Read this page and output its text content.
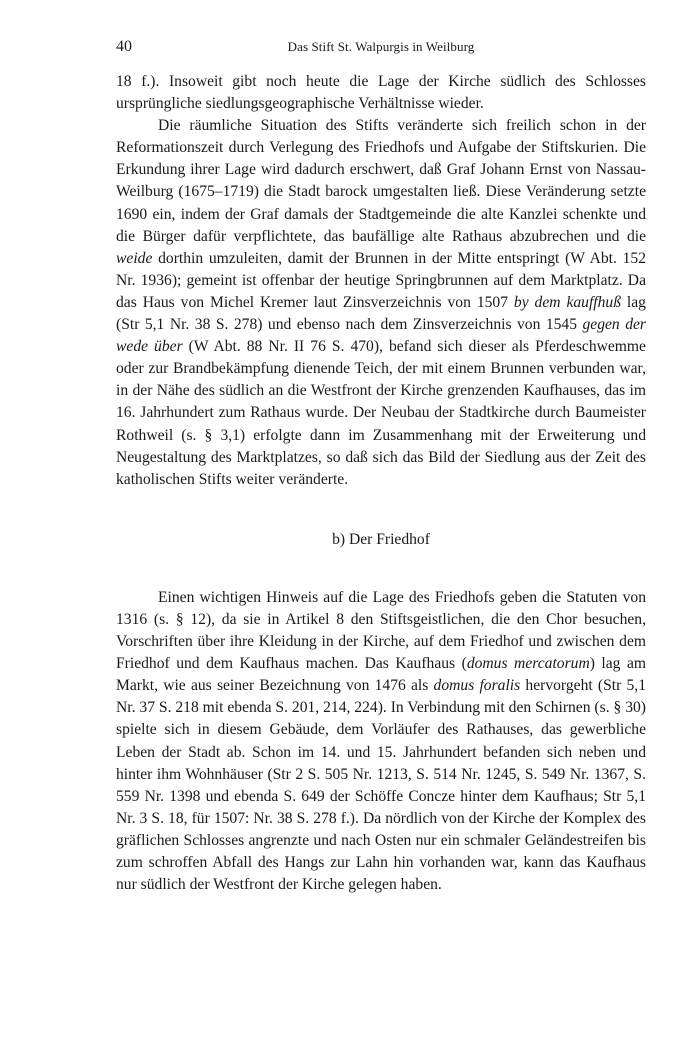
40	Das Stift St. Walpurgis in Weilburg

18 f.). Insoweit gibt noch heute die Lage der Kirche südlich des Schlosses ursprüngliche siedlungsgeographische Verhältnisse wieder.

Die räumliche Situation des Stifts veränderte sich freilich schon in der Reformationszeit durch Verlegung des Friedhofs und Aufgabe der Stiftskurien. Die Erkundung ihrer Lage wird dadurch erschwert, daß Graf Johann Ernst von Nassau-Weilburg (1675–1719) die Stadt barock umgestalten ließ. Diese Veränderung setzte 1690 ein, indem der Graf damals der Stadtgemeinde die alte Kanzlei schenkte und die Bürger dafür verpflichtete, das baufällige alte Rathaus abzubrechen und die weide dorthin umzuleiten, damit der Brunnen in der Mitte entspringt (W Abt. 152 Nr. 1936); gemeint ist offenbar der heutige Springbrunnen auf dem Marktplatz. Da das Haus von Michel Kremer laut Zinsverzeichnis von 1507 by dem kauffhuß lag (Str 5,1 Nr. 38 S. 278) und ebenso nach dem Zinsverzeichnis von 1545 gegen der wede über (W Abt. 88 Nr. II 76 S. 470), befand sich dieser als Pferdeschwemme oder zur Brandbekämpfung dienende Teich, der mit einem Brunnen verbunden war, in der Nähe des südlich an die Westfront der Kirche grenzenden Kaufhauses, das im 16. Jahrhundert zum Rathaus wurde. Der Neubau der Stadtkirche durch Baumeister Rothweil (s. § 3,1) erfolgte dann im Zusammenhang mit der Erweiterung und Neugestaltung des Marktplatzes, so daß sich das Bild der Siedlung aus der Zeit des katholischen Stifts weiter veränderte.

b) Der Friedhof

Einen wichtigen Hinweis auf die Lage des Friedhofs geben die Statuten von 1316 (s. § 12), da sie in Artikel 8 den Stiftsgeistlichen, die den Chor besuchen, Vorschriften über ihre Kleidung in der Kirche, auf dem Friedhof und zwischen dem Friedhof und dem Kaufhaus machen. Das Kaufhaus (domus mercatorum) lag am Markt, wie aus seiner Bezeichnung von 1476 als domus foralis hervorgeht (Str 5,1 Nr. 37 S. 218 mit ebenda S. 201, 214, 224). In Verbindung mit den Schirnen (s. § 30) spielte sich in diesem Gebäude, dem Vorläufer des Rathauses, das gewerbliche Leben der Stadt ab. Schon im 14. und 15. Jahrhundert befanden sich neben und hinter ihm Wohnhäuser (Str 2 S. 505 Nr. 1213, S. 514 Nr. 1245, S. 549 Nr. 1367, S. 559 Nr. 1398 und ebenda S. 649 der Schöffe Concze hinter dem Kaufhaus; Str 5,1 Nr. 3 S. 18, für 1507: Nr. 38 S. 278 f.). Da nördlich von der Kirche der Komplex des gräflichen Schlosses angrenzte und nach Osten nur ein schmaler Geländestreifen bis zum schroffen Abfall des Hangs zur Lahn hin vorhanden war, kann das Kaufhaus nur südlich der Westfront der Kirche gelegen haben.
